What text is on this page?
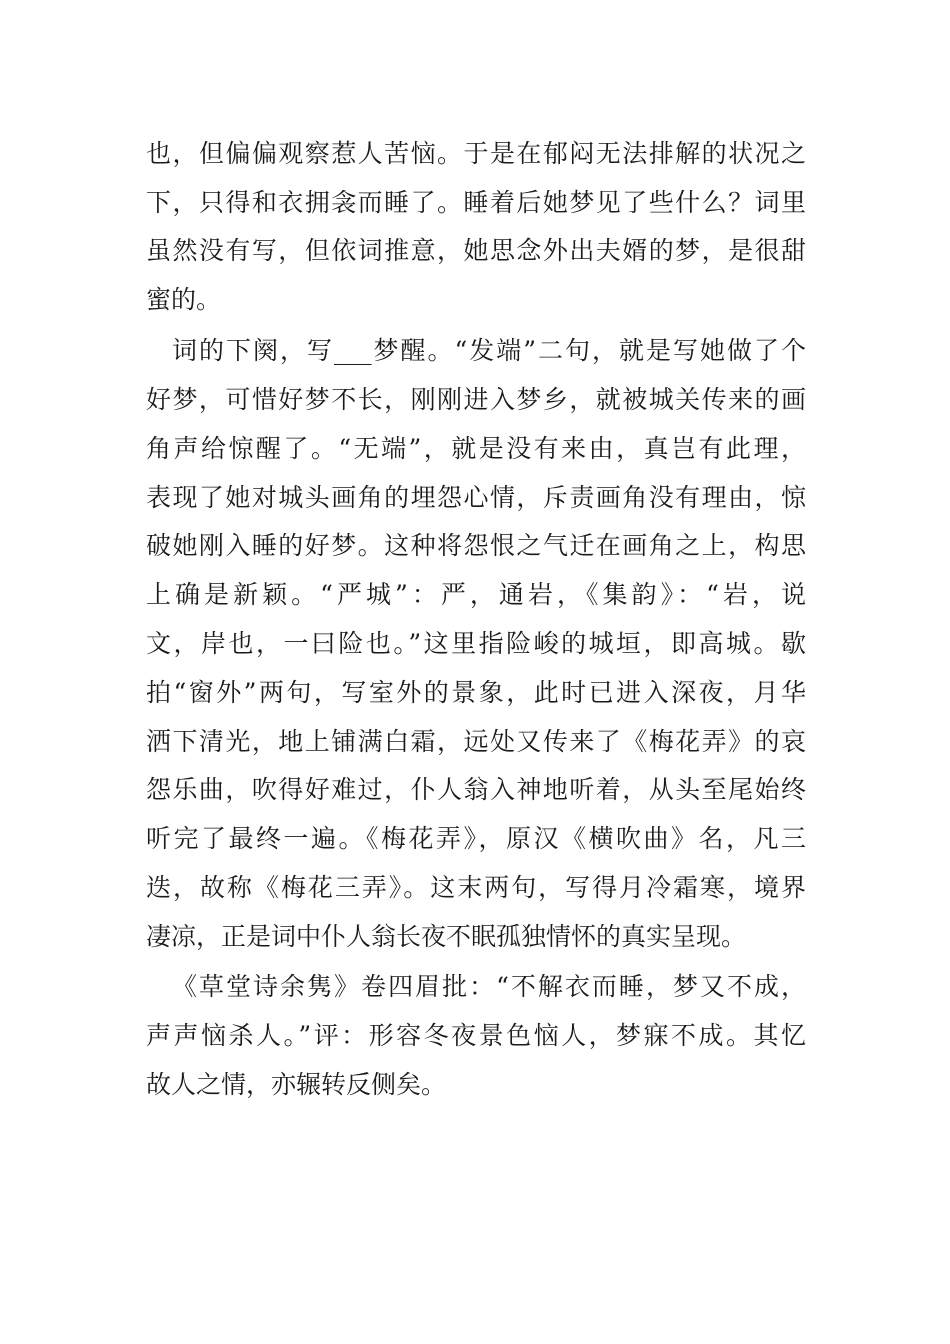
也，但偏偏观察惹人苦恼。于是在郁闷无法排解的状况之
下，只得和衣拥衾而睡了。睡着后她梦见了些什么？词里
虽然没有写，但依词推意，她思念外出夫婿的梦，是很甜
蜜的。
词的下阕，写___梦醒。“发端”二句，就是写她做了个
好梦，可惜好梦不长，刚刚进入梦乡，就被城关传来的画
角声给惊醒了。“无端”，就是没有来由，真岂有此理，
表现了她对城头画角的埋怨心情，斥责画角没有理由，惊
破她刚入睡的好梦。这种将怨恨之气迁在画角之上，构思
上确是新颖。“严城”：严，通岩，《集韵》：“岩，说
文，岸也，一曰险也。”这里指险峻的城垣，即高城。歇
拍“窗外”两句，写室外的景象，此时已进入深夜，月华
洒下清光，地上铺满白霜，远处又传来了《梅花弄》的哀
怨乐曲，吹得好难过，仆人翁入神地听着，从头至尾始终
听完了最终一遍。《梅花弄》，原汉《横吹曲》名，凡三
迭，故称《梅花三弄》。这末两句，写得月冷霜寒，境界
凄凉，正是词中仆人翁长夜不眠孤独情怀的真实呈现。
《草堂诗余隽》卷四眉批：“不解衣而睡，梦又不成，
声声恼杀人。”评：形容冬夜景色恼人，梦寐不成。其忆
故人之情，亦辗转反侧矣。
